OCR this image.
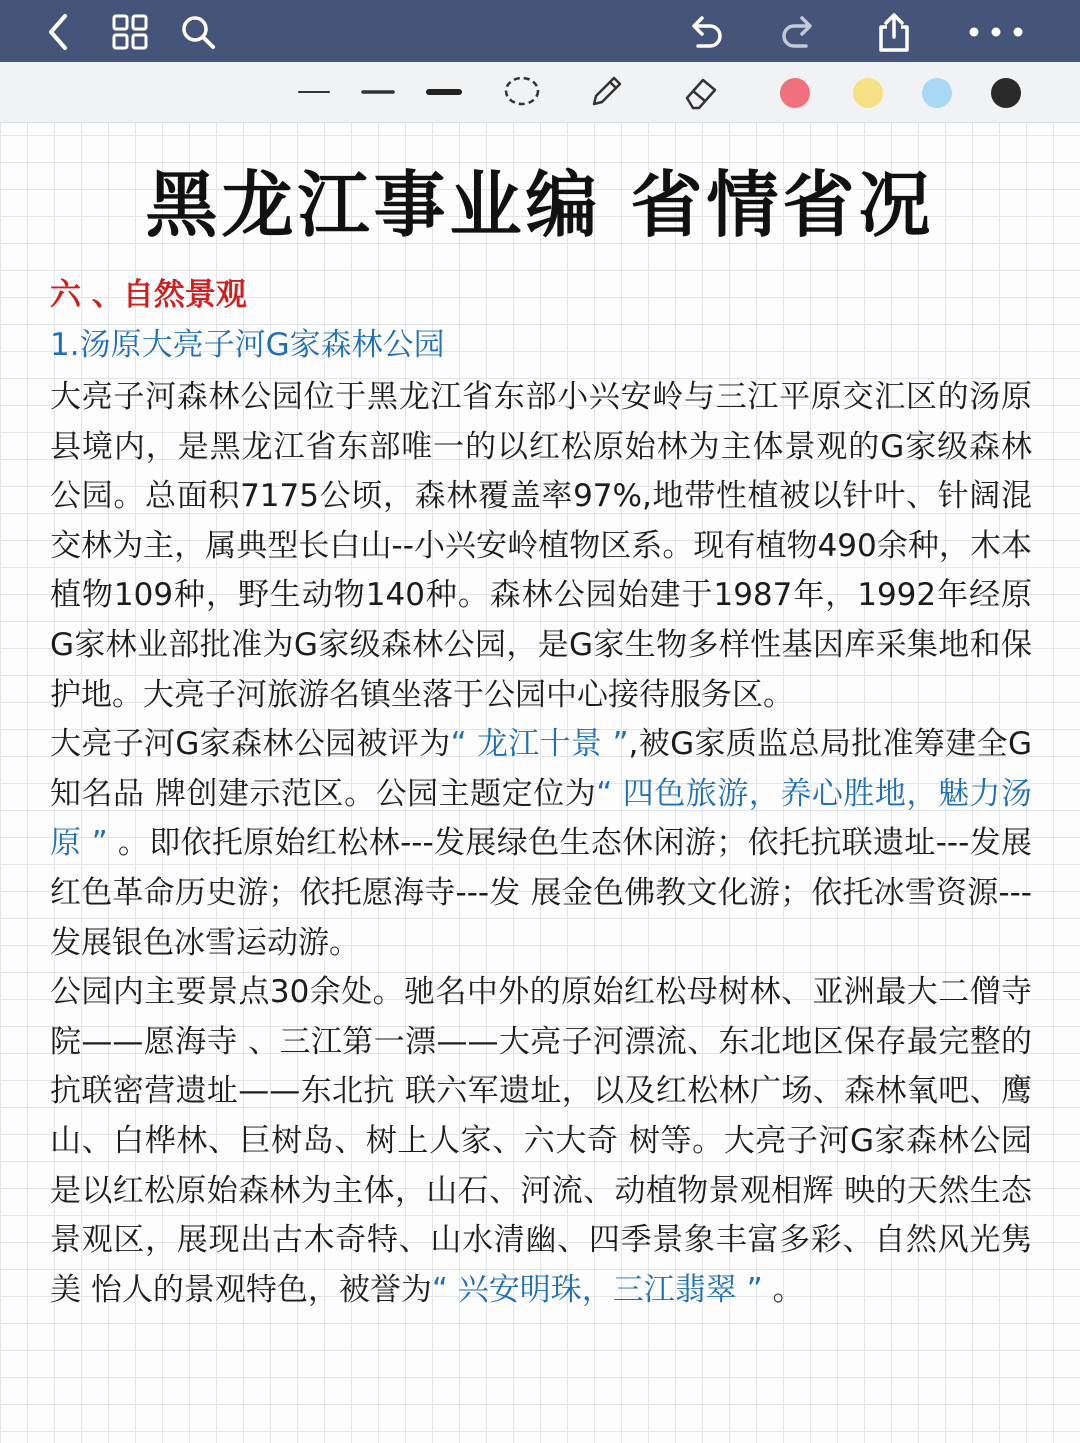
黑龙江事业编 省情省况
六 、自然景观
1.汤原大亮子河G家森林公园

大亮子河森林公园位于黑龙江省东部小兴安岭与三江平原交汇区的汤原县境内，是黑龙江省东部唯一的以红松原始林为主体景观的G家级森林公园。总面积7175公顷，森林覆盖率97%,地带性植被以针叶、针阔混交林为主，属典型长白山--小兴安岭植物区系。现有植物490余种，木本植物109种，野生动物140种。森林公园始建于1987年，1992年经原G家林业部批准为G家级森林公园，是G家生物多样性基因库采集地和保护地。大亮子河旅游名镇坐落于公园中心接待服务区。

大亮子河G家森林公园被评为“ 龙江十景 ”,被G家质监总局批准筹建全G知名品 牌创建示范区。公园主题定位为“ 四色旅游，养心胜地，魅力汤原 ” 。即依托原始红松林---发展绿色生态休闲游；依托抗联遗址---发展红色革命历史游；依托愿海寺---发 展金色佛教文化游；依托冰雪资源---发展银色冰雪运动游。

公园内主要景点30余处。驰名中外的原始红松母树林、亚洲最大二僧寺院——愿海寺 、三江第一漂——大亮子河漂流、东北地区保存最完整的抗联密营遗址——东北抗 联六军遗址，以及红松林广场、森林氧吧、鹰山、白桦林、巨树岛、树上人家、六大奇 树等。大亮子河G家森林公园是以红松原始森林为主体，山石、河流、动植物景观相辉 映的天然生态景观区，展现出古木奇特、山水清幽、四季景象丰富多彩、自然风光隽美 怡人的景观特色，被誉为“ 兴安明珠，三江翡翠 ” 。
